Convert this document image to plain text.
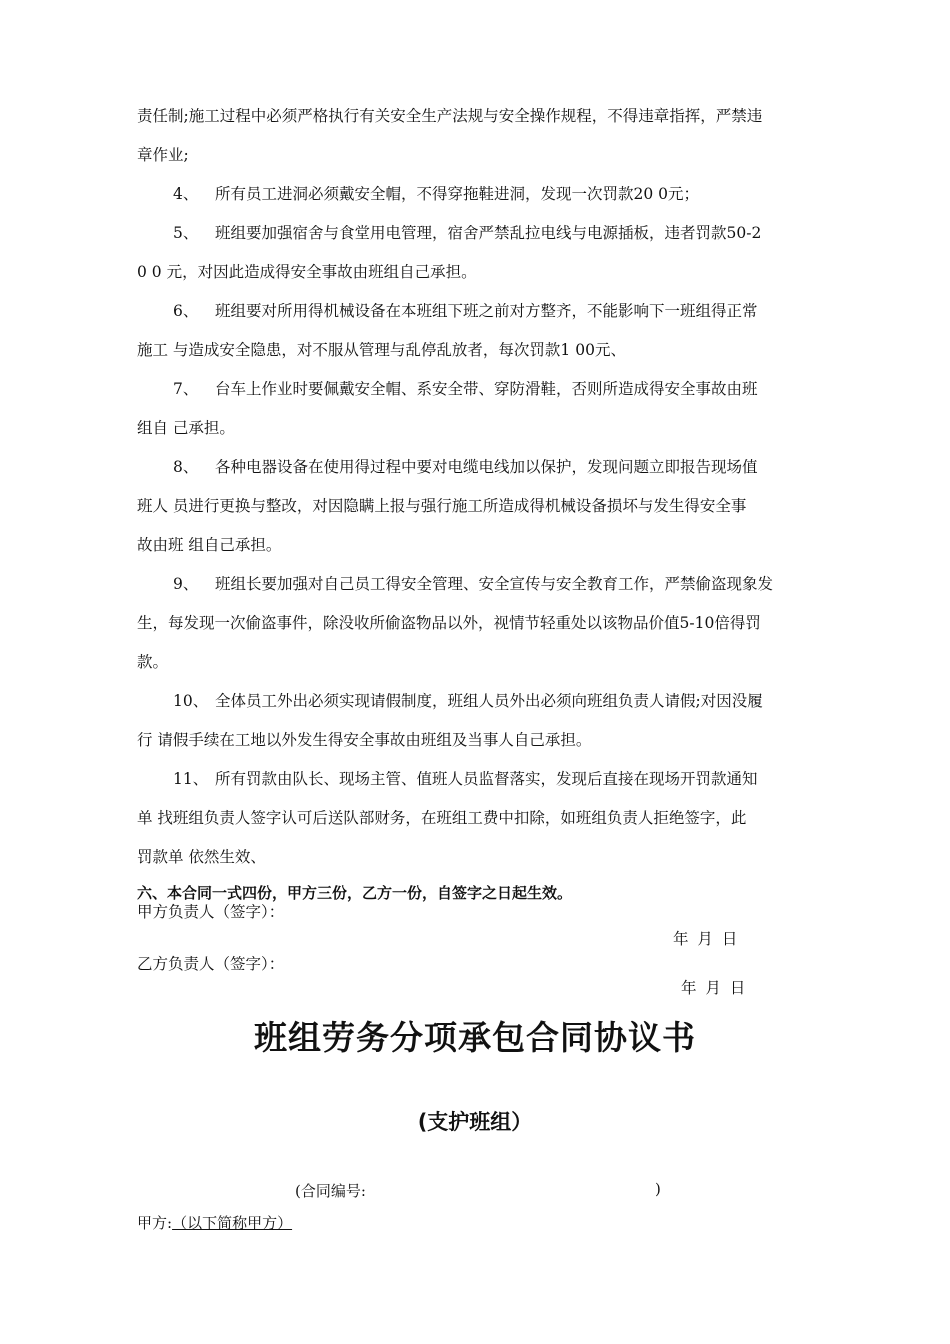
责任制;施工过程中必须严格执行有关安全生产法规与安全操作规程，不得违章指挥，严禁违
章作业;
4、 所有员工进洞必须戴安全帽，不得穿拖鞋进洞，发现一次罚款20 0元；
5、 班组要加强宿舍与食堂用电管理，宿舍严禁乱拉电线与电源插板，违者罚款50-2
0 0 元，对因此造成得安全事故由班组自己承担。
6、 班组要对所用得机械设备在本班组下班之前对方整齐，不能影响下一班组得正常
施工 与造成安全隐患，对不服从管理与乱停乱放者，每次罚款1 00元、
7、 台车上作业时要佩戴安全帽、系安全带、穿防滑鞋，否则所造成得安全事故由班
组自 己承担。
8、 各种电器设备在使用得过程中要对电缆电线加以保护，发现问题立即报告现场值
班人 员进行更换与整改，对因隐瞒上报与强行施工所造成得机械设备损坏与发生得安全事
故由班 组自己承担。
9、 班组长要加强对自己员工得安全管理、安全宣传与安全教育工作，严禁偷盗现象发
生，每发现一次偷盗事件，除没收所偷盗物品以外，视情节轻重处以该物品价值5-10倍得罚
款。
10、 全体员工外出必须实现请假制度，班组人员外出必须向班组负责人请假;对因没履
行 请假手续在工地以外发生得安全事故由班组及当事人自己承担。
11、 所有罚款由队长、现场主管、值班人员监督落实，发现后直接在现场开罚款通知
单 找班组负责人签字认可后送队部财务，在班组工费中扣除，如班组负责人拒绝签字，此
罚款单 依然生效、
六、本合同一式四份，甲方三份，乙方一份，自签字之日起生效。
甲方负责人（签字）：
年 月 日
乙方负责人（签字）：
年 月 日
班组劳务分项承包合同协议书
(支护班组）
(合同编号:	)
甲方:（以下简称甲方）
